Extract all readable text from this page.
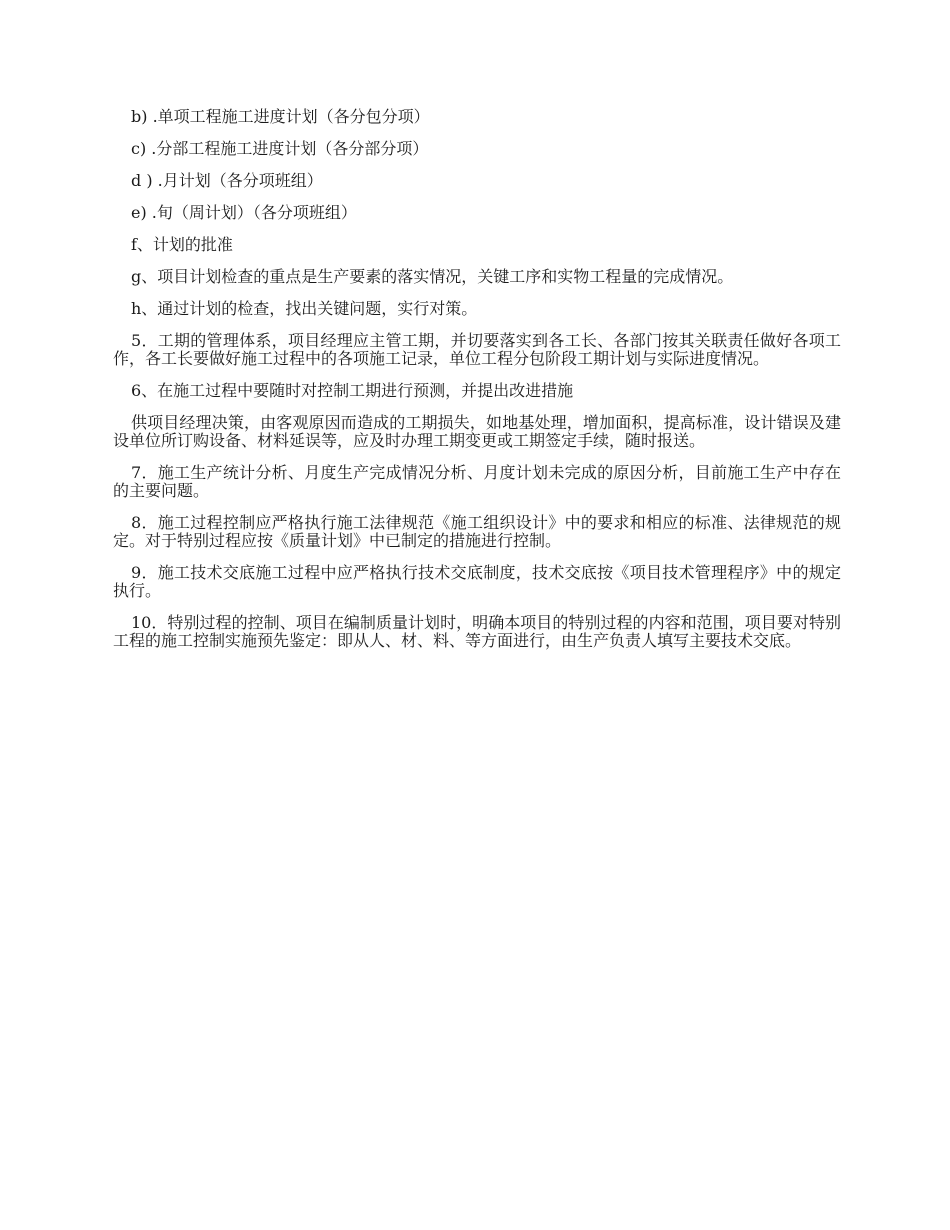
b) .单项工程施工进度计划（各分包分项）

c) .分部工程施工进度计划（各分部分项）

d ) .月计划（各分项班组）

e) .旬（周计划）（各分项班组）

f、计划的批准

g、项目计划检查的重点是生产要素的落实情况，关键工序和实物工程量的完成情况。

h、通过计划的检查，找出关键问题，实行对策。

5．工期的管理体系，项目经理应主管工期，并切要落实到各工长、各部门按其关联责任做好各项工作，各工长要做好施工过程中的各项施工记录，单位工程分包阶段工期计划与实际进度情况。

6、在施工过程中要随时对控制工期进行预测，并提出改进措施

供项目经理决策，由客观原因而造成的工期损失，如地基处理，增加面积，提高标准，设计错误及建设单位所订购设备、材料延误等，应及时办理工期变更或工期签定手续，随时报送。

7．施工生产统计分析、月度生产完成情况分析、月度计划未完成的原因分析，目前施工生产中存在的主要问题。

8．施工过程控制应严格执行施工法律规范《施工组织设计》中的要求和相应的标准、法律规范的规定。对于特别过程应按《质量计划》中已制定的措施进行控制。

9．施工技术交底施工过程中应严格执行技术交底制度，技术交底按《项目技术管理程序》中的规定执行。

10．特别过程的控制、项目在编制质量计划时，明确本项目的特别过程的内容和范围，项目要对特别工程的施工控制实施预先鉴定：即从人、材、料、等方面进行，由生产负责人填写主要技术交底。
